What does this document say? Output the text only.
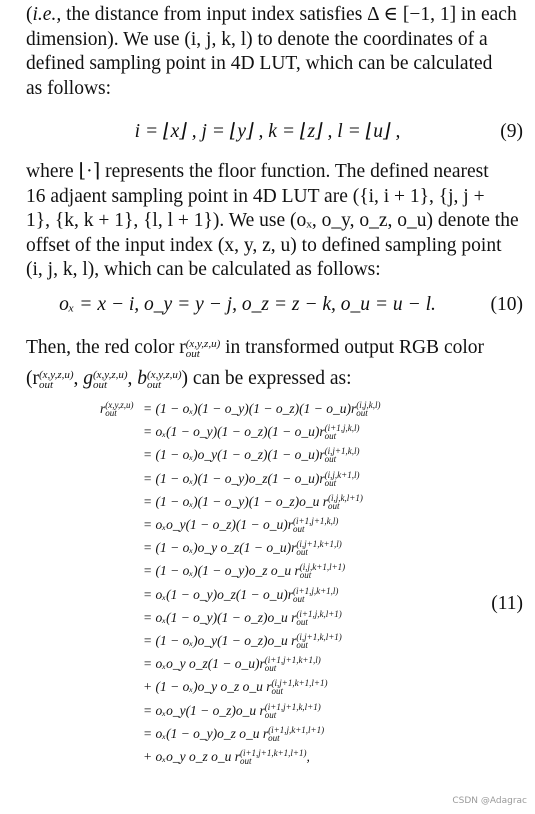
(i.e., the distance from input index satisfies Δ ∈ [−1, 1] in each
dimension). We use (i, j, k, l) to denote the coordinates of a
defined sampling point in 4D LUT, which can be calculated
as follows:
i = ⌊x⌋ , j = ⌊y⌋ , k = ⌊z⌋ , l = ⌊u⌋ ,	(9)
where ⌊·⌉ represents the floor function. The defined nearest
16 adjaent sampling point in 4D LUT are ({i, i + 1}, {j, j +
1}, {k, k + 1}, {l, l + 1}). We use (oₓ, o_y, o_z, o_u) denote the
offset of the input index (x, y, z, u) to defined sampling point
(i, j, k, l), which can be calculated as follows:
oₓ = x − i, o_y = y − j, o_z = z − k, o_u = u − l.	(10)
Then, the red color r (x,y,z,u)
out	in transformed output RGB color
(r (x,y,z,u)
out	, g (x,y,z,u)
out	, b (x,y,z,u)
out	) can be expressed as:
r (x,y,z,u)
out	= (1 − oₓ)(1 − o_y)(1 − o_z)(1 − o_u)r (i,j,k,l)
out
= oₓ(1 − o_y)(1 − o_z)(1 − o_u)r (i+1,j,k,l)
out
= (1 − oₓ)o_y(1 − o_z)(1 − o_u)r (i,j+1,k,l)
out
= (1 − oₓ)(1 − o_y)o_z(1 − o_u)r (i,j,k+1,l)
out
= (1 − oₓ)(1 − o_y)(1 − o_z)o_u r (i,j,k,l+1)
out
= oₓo_y(1 − o_z)(1 − o_u)r (i+1,j+1,k,l)
out
= (1 − oₓ)o_y o_z(1 − o_u)r (i,j+1,k+1,l)
out
= (1 − oₓ)(1 − o_y)o_z o_u r (i,j,k+1,l+1)
out
= oₓ(1 − o_y)o_z(1 − o_u)r (i+1,j,k+1,l)
out
= oₓ(1 − o_y)(1 − o_z)o_u r (i+1,j,k,l+1)
out
= (1 − oₓ)o_y(1 − o_z)o_u r (i,j+1,k,l+1)
out
= oₓo_y o_z(1 − o_u)r (i+1,j+1,k+1,l)
out
+ (1 − oₓ)o_y o_z o_u r (i,j+1,k+1,l+1)
out
= oₓo_y(1 − o_z)o_u r (i+1,j+1,k,l+1)
out
= oₓ(1 − o_y)o_z o_u r (i+1,j,k+1,l+1)
out
+ oₓo_y o_z o_u r (i+1,j+1,k+1,l+1)
out	,
(11)
CSDN @Adagrac
